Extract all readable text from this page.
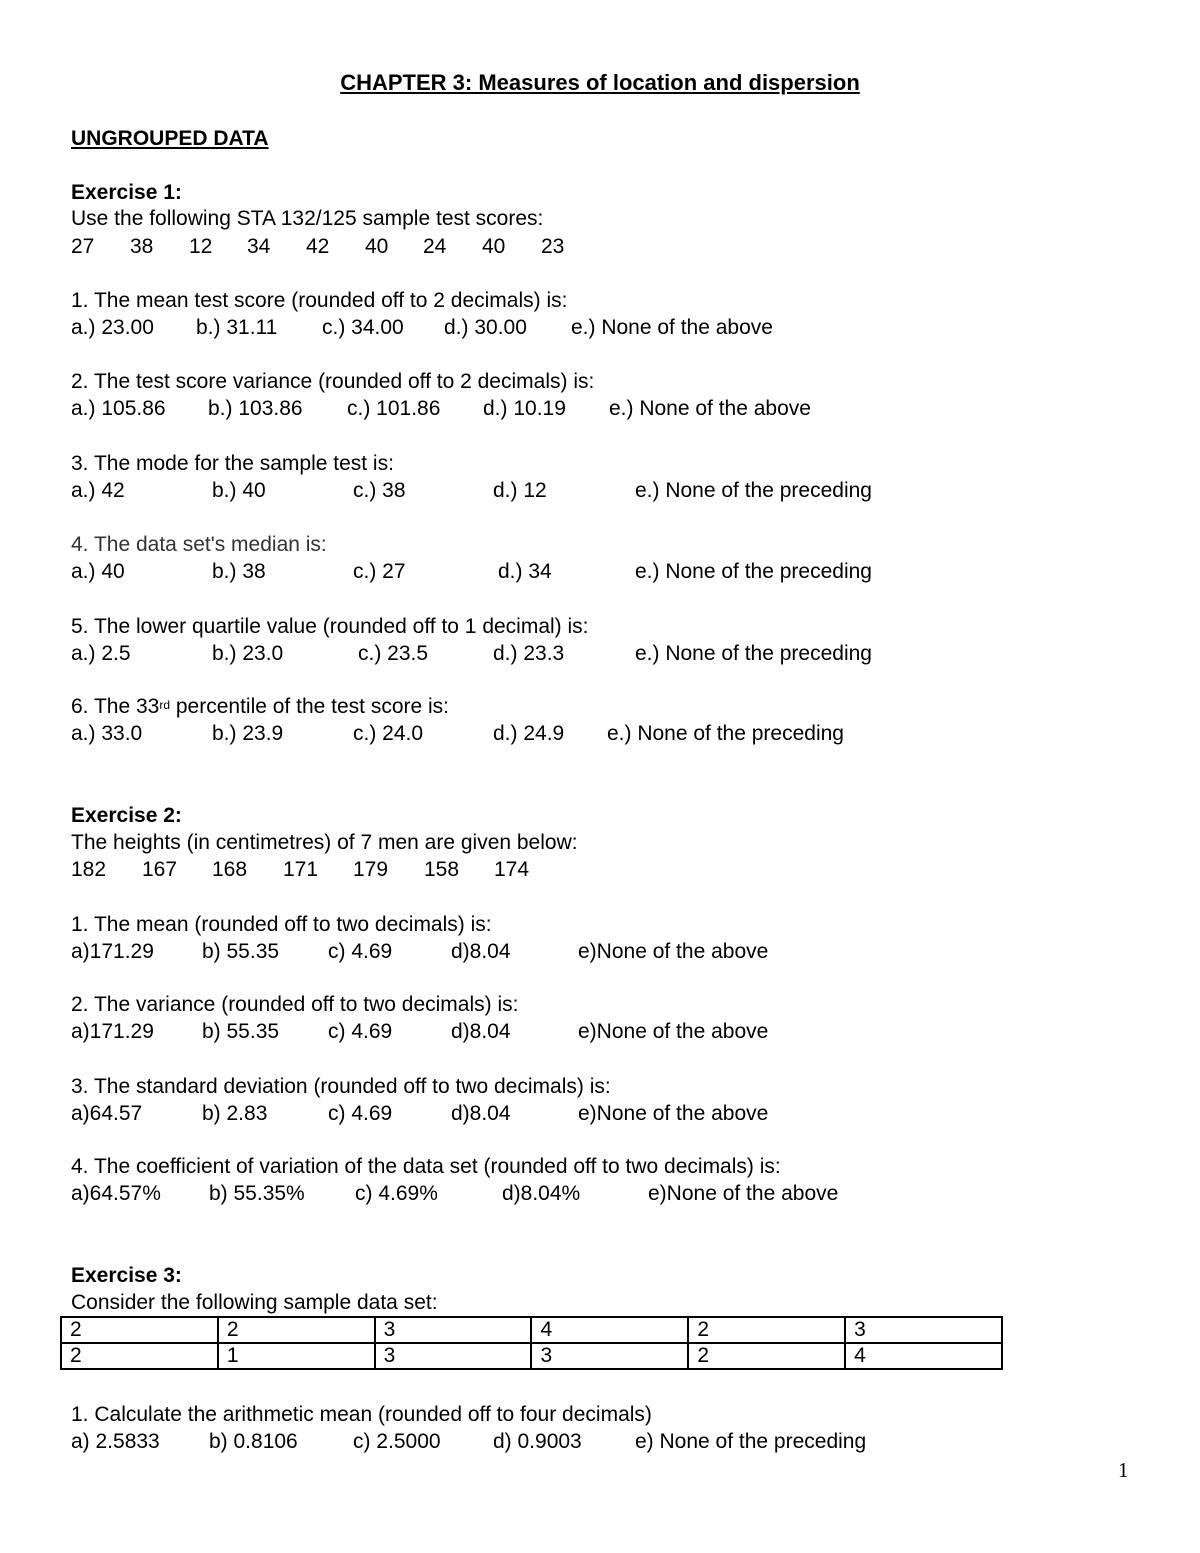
CHAPTER 3: Measures of location and dispersion
UNGROUPED DATA
Exercise 1:
Use the following STA 132/125 sample test scores:
27 38 12 34 42 40 24 40 23
1. The mean test score (rounded off to 2 decimals) is:
a.) 23.00 b.) 31.11 c.) 34.00 d.) 30.00 e.) None of the above
2. The test score variance (rounded off to 2 decimals) is:
a.) 105.86 b.) 103.86 c.) 101.86 d.) 10.19 e.) None of the above
3. The mode for the sample test is:
a.) 42	b.) 40	c.) 38	d.) 12	e.) None of the preceding
4. The data set's median is:
a.) 40	b.) 38	c.) 27	d.) 34	e.) None of the preceding
5. The lower quartile value (rounded off to 1 decimal) is:
a.) 2.5	b.) 23.0	c.) 23.5	d.) 23.3	e.) None of the preceding
6. The 33rd percentile of the test score is:
a.) 33.0	b.) 23.9	c.) 24.0	d.) 24.9 e.) None of the preceding
Exercise 2:
The heights (in centimetres) of 7 men are given below:
182 167 168 171 179 158 174
1. The mean (rounded off to two decimals) is:
a)171.29 b) 55.35 c) 4.69	d)8.04	e)None of the above
2. The variance (rounded off to two decimals) is:
a)171.29 b) 55.35 c) 4.69	d)8.04	e)None of the above
3. The standard deviation (rounded off to two decimals) is:
a)64.57	b) 2.83	c) 4.69	d)8.04	e)None of the above
4. The coefficient of variation of the data set (rounded off to two decimals) is:
a)64.57% b) 55.35% c) 4.69%	d)8.04%	e)None of the above
Exercise 3:
Consider the following sample data set:
2	2	3	4	2	3
2	1	3	3	2	4
1. Calculate the arithmetic mean (rounded off to four decimals)
a) 2.5833 b) 0.8106	c) 2.5000 d) 0.9003	e) None of the preceding
1
